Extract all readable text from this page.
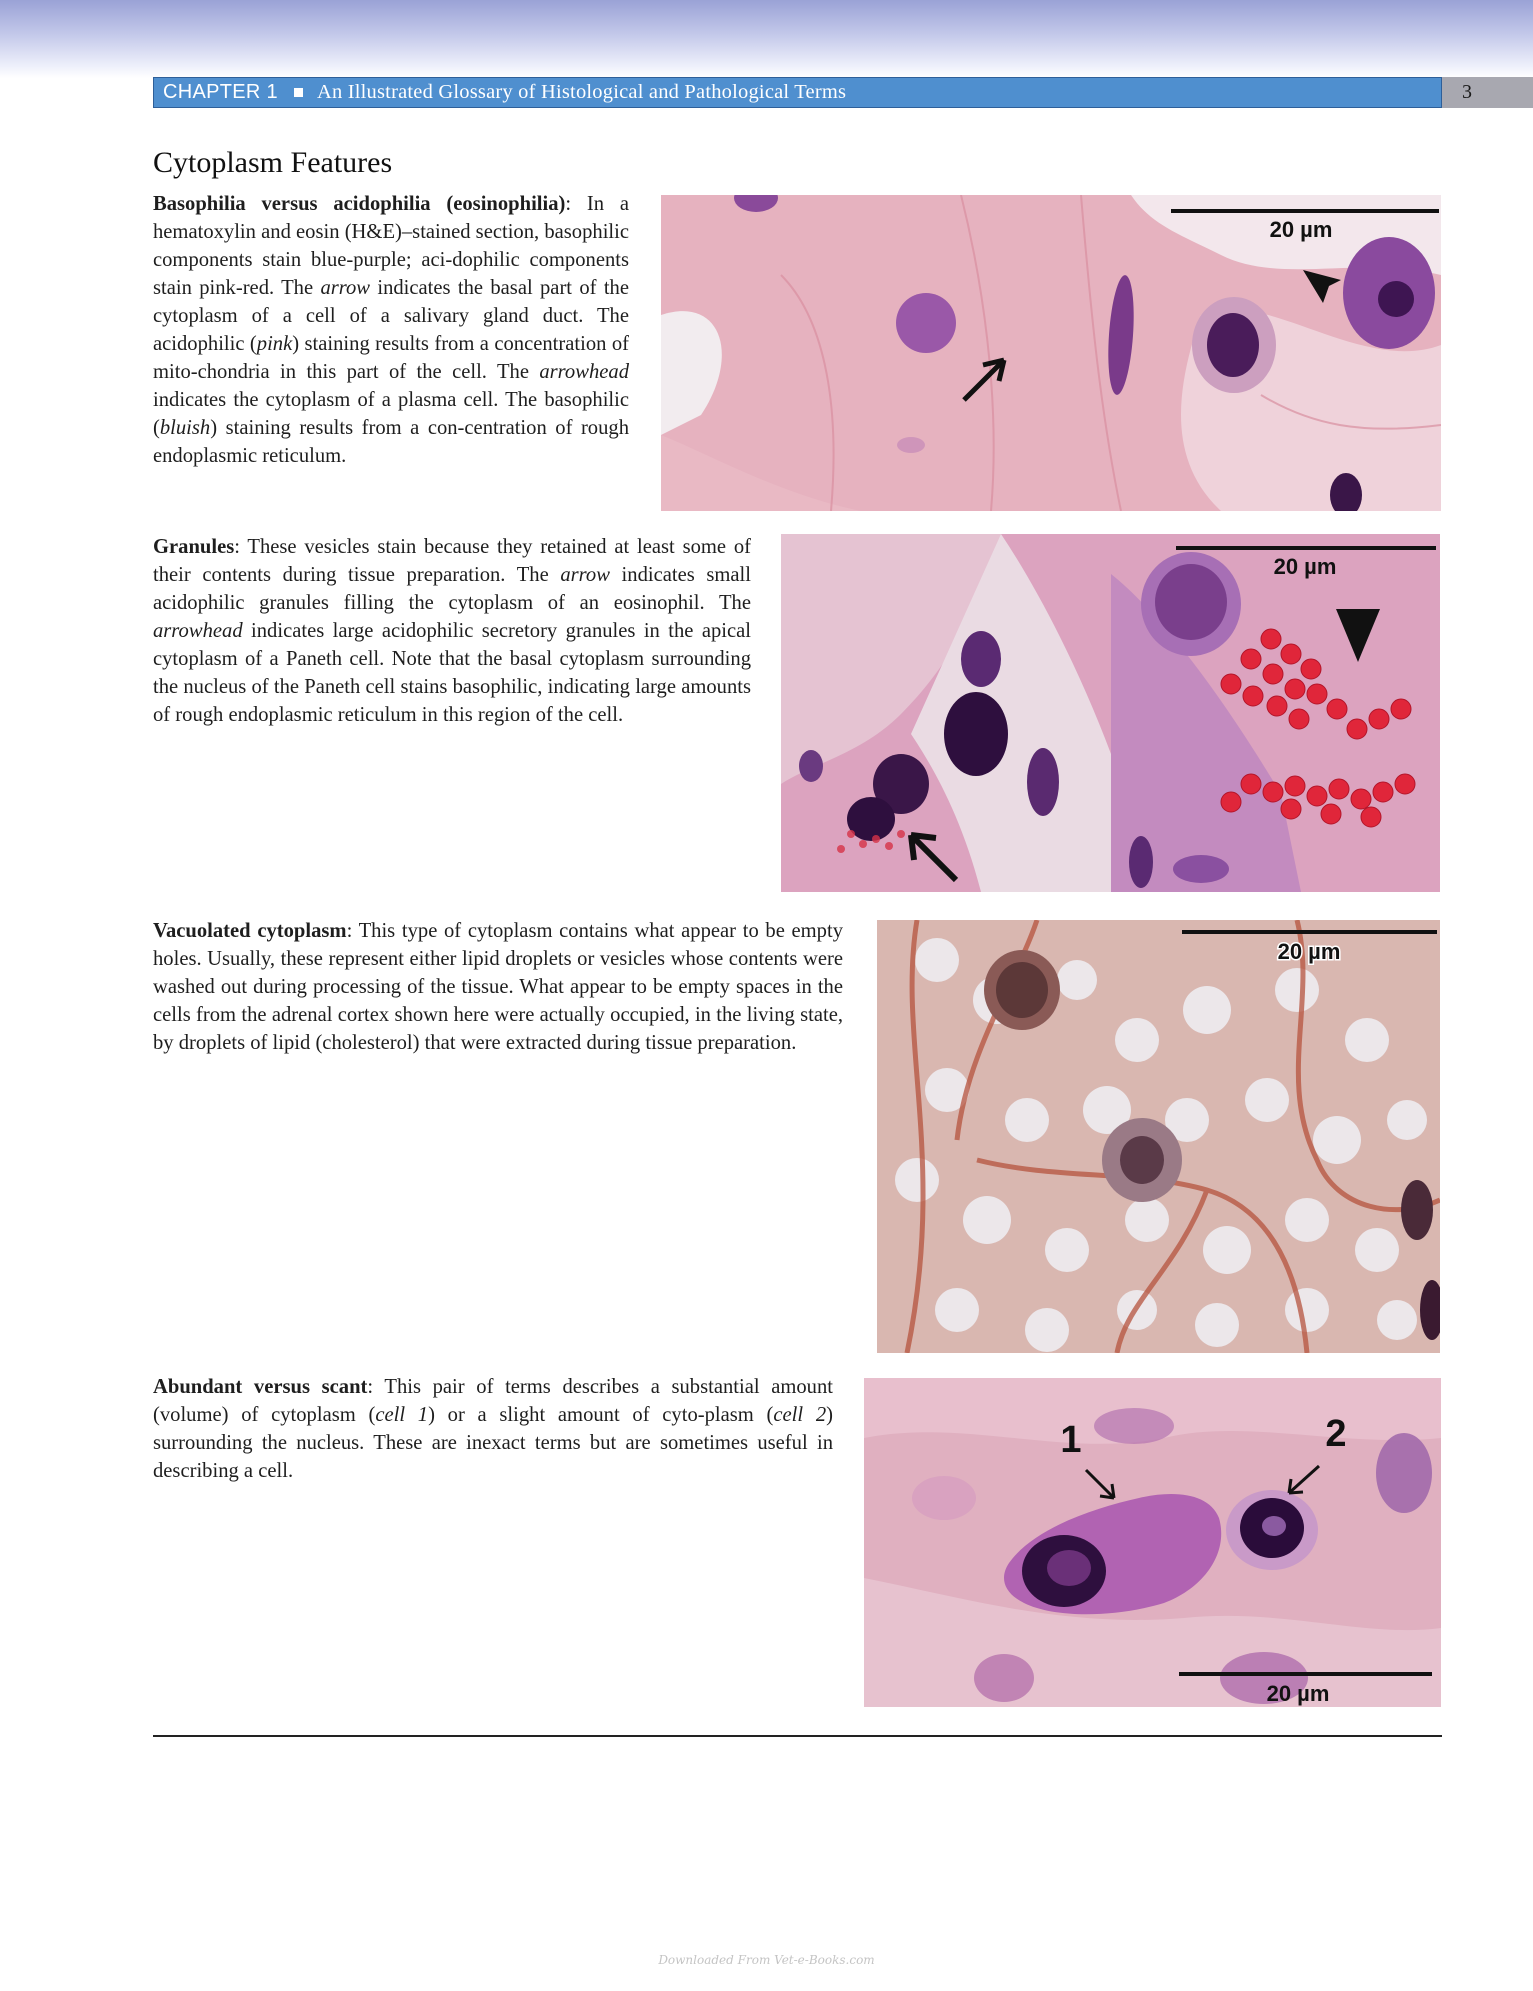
CHAPTER 1 An Illustrated Glossary of Histological and Pathological Terms	3
Cytoplasm Features

Basophilia versus acidophilia (eosinophilia): In a hematoxylin and eosin (H&E)–stained section, basophilic components stain blue-purple; aci-dophilic components stain pink-red. The arrow indicates the basal part of the cytoplasm of a cell of a salivary gland duct. The acidophilic (pink) staining results from a concentration of mito-chondria in this part of the cell. The arrowhead indicates the cytoplasm of a plasma cell. The basophilic (bluish) staining results from a con-centration of rough endoplasmic reticulum.

20 µm

Granules: These vesicles stain because they retained at least some of their contents during tissue preparation. The arrow indicates small acidophilic granules filling the cytoplasm of an eosinophil. The arrowhead indicates large acidophilic secretory granules in the apical cytoplasm of a Paneth cell. Note that the basal cytoplasm surrounding the nucleus of the Paneth cell stains basophilic, indicating large amounts of rough endoplasmic reticulum in this region of the cell.

20 µm

Vacuolated cytoplasm: This type of cytoplasm contains what appear to be empty holes. Usually, these represent either lipid droplets or vesicles whose contents were washed out during processing of the tissue. What appear to be empty spaces in the cells from the adrenal cortex shown here were actually occupied, in the living state, by droplets of lipid (cholesterol) that were extracted during tissue preparation.

20 µm

Abundant versus scant: This pair of terms describes a substantial amount (volume) of cytoplasm (cell 1) or a slight amount of cyto-plasm (cell 2) surrounding the nucleus. These are inexact terms but are sometimes useful in describing a cell.

20 µm
1	2
Downloaded From Vet-e-Books.com
